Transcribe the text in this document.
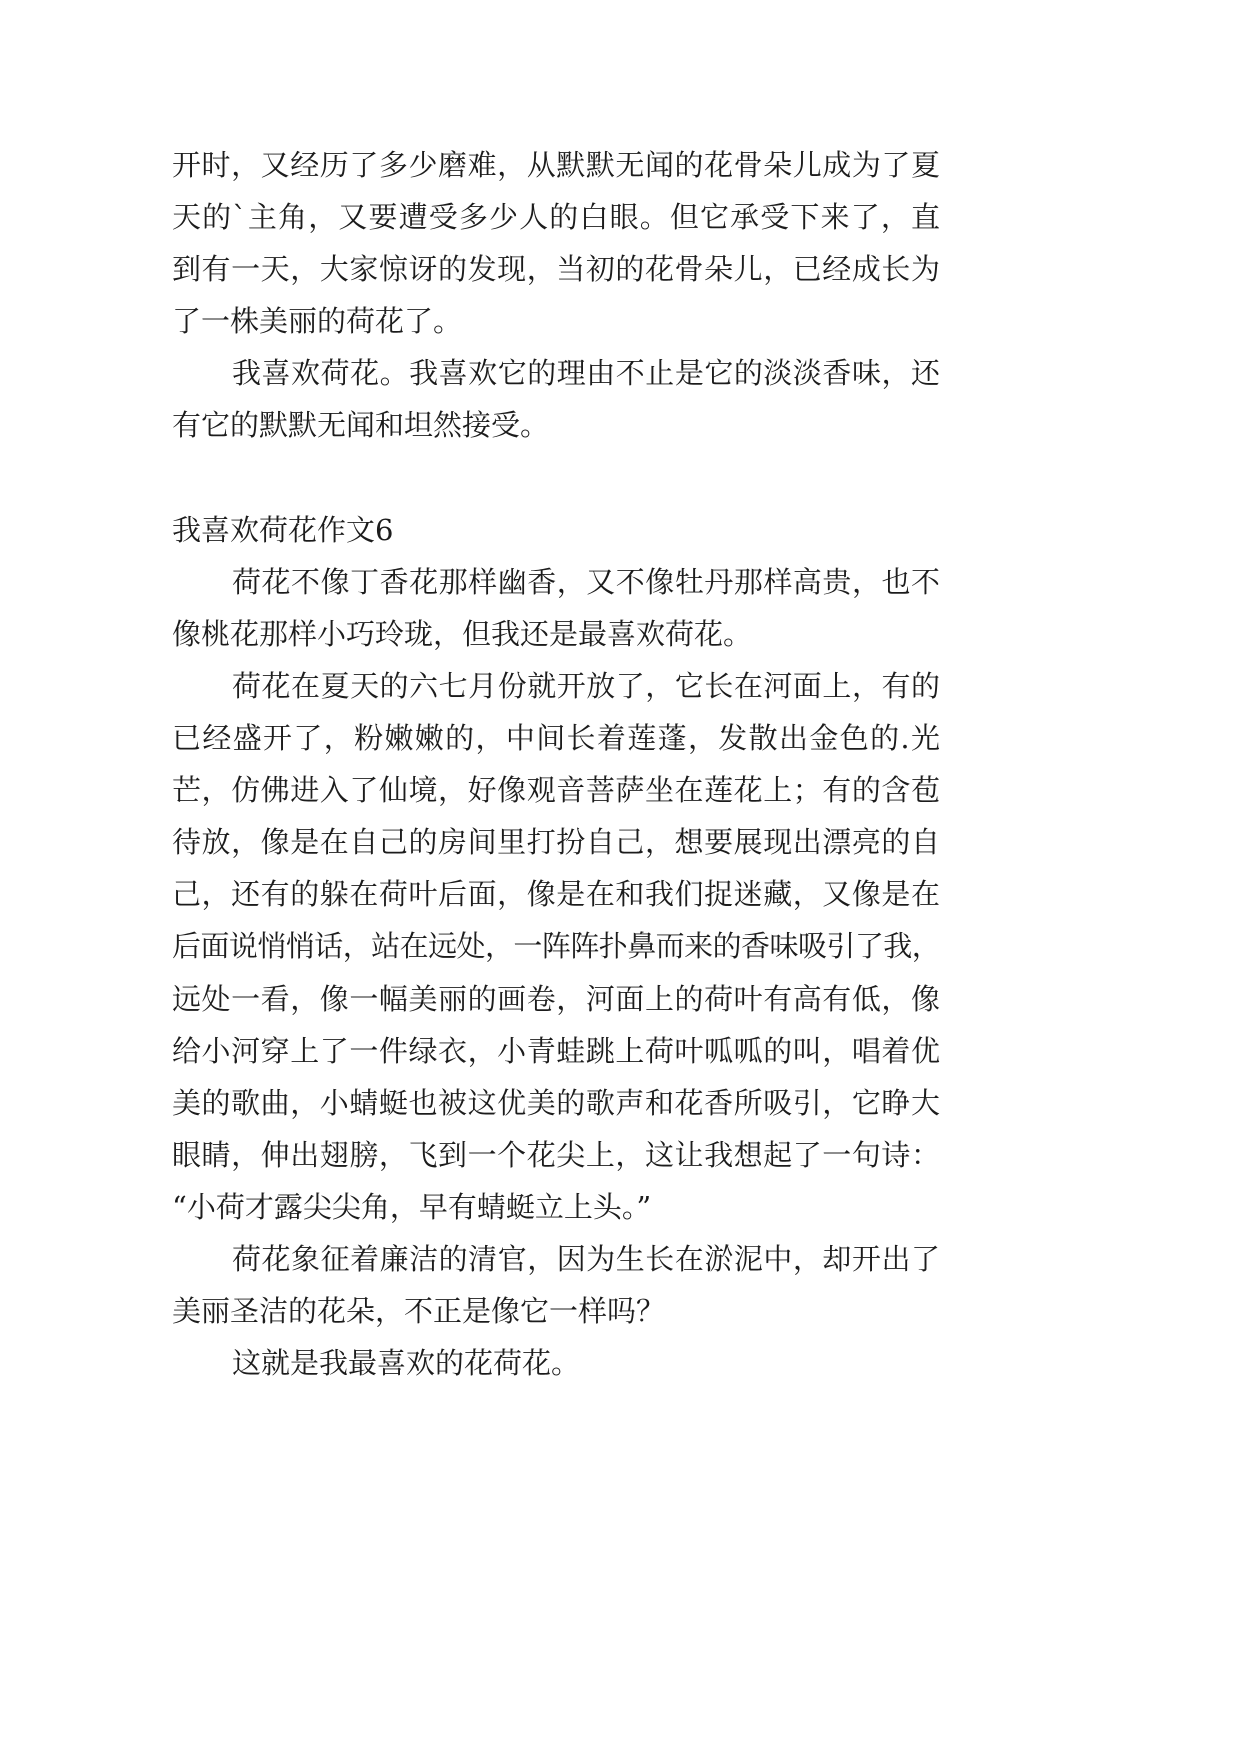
开时，又经历了多少磨难，从默默无闻的花骨朵儿成为了夏
天的`主角，又要遭受多少人的白眼。但它承受下来了，直
到有一天，大家惊讶的发现，当初的花骨朵儿，已经成长为
了一株美丽的荷花了。
我喜欢荷花。我喜欢它的理由不止是它的淡淡香味，还
有它的默默无闻和坦然接受。
我喜欢荷花作文6
荷花不像丁香花那样幽香，又不像牡丹那样高贵，也不
像桃花那样小巧玲珑，但我还是最喜欢荷花。
荷花在夏天的六七月份就开放了，它长在河面上，有的
已经盛开了，粉嫩嫩的，中间长着莲蓬，发散出金色的.光
芒，仿佛进入了仙境，好像观音菩萨坐在莲花上；有的含苞
待放，像是在自己的房间里打扮自己，想要展现出漂亮的自
己，还有的躲在荷叶后面，像是在和我们捉迷藏，又像是在
后面说悄悄话，站在远处，一阵阵扑鼻而来的香味吸引了我，
远处一看，像一幅美丽的画卷，河面上的荷叶有高有低，像
给小河穿上了一件绿衣，小青蛙跳上荷叶呱呱的叫，唱着优
美的歌曲，小蜻蜓也被这优美的歌声和花香所吸引，它睁大
眼睛，伸出翅膀，飞到一个花尖上，这让我想起了一句诗：
“小荷才露尖尖角，早有蜻蜓立上头。”
荷花象征着廉洁的清官，因为生长在淤泥中，却开出了
美丽圣洁的花朵，不正是像它一样吗？
这就是我最喜欢的花荷花。
